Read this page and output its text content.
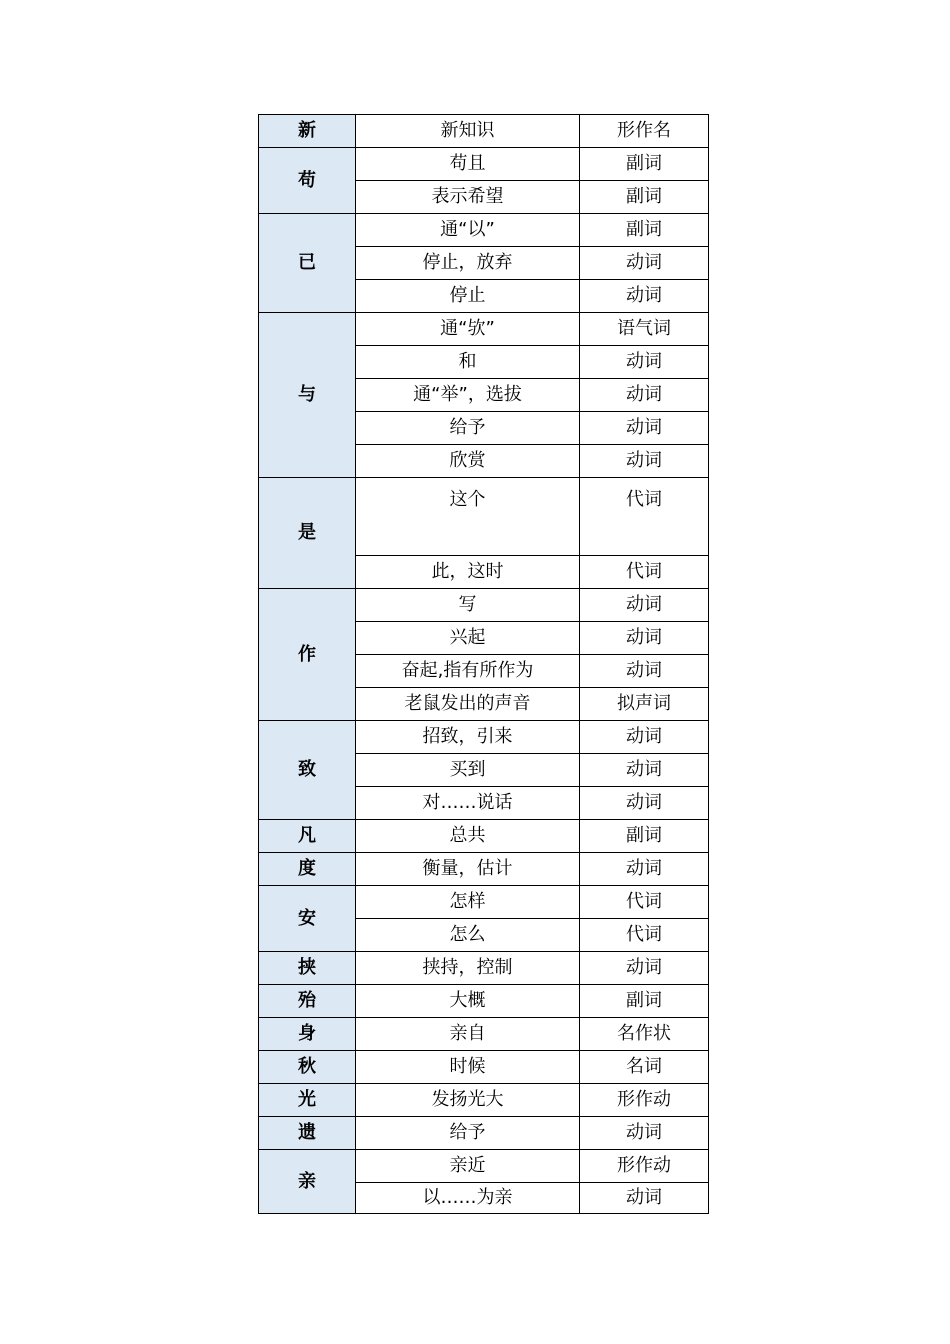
新	新知识	形作名
苟	苟且	副词
	表示希望	副词
已	通“以”	副词
	停止，放弃	动词
	停止	动词
与	通“欤”	语气词
	和	动词
	通“举”，选拔	动词
	给予	动词
	欣赏	动词
是	这个	代词
	此，这时	代词
作	写	动词
	兴起	动词
	奋起,指有所作为	动词
	老鼠发出的声音	拟声词
致	招致，引来	动词
	买到	动词
	对……说话	动词
凡	总共	副词
度	衡量，估计	动词
安	怎样	代词
	怎么	代词
挟	挟持，控制	动词
殆	大概	副词
身	亲自	名作状
秋	时候	名词
光	发扬光大	形作动
遗	给予	动词
亲	亲近	形作动
	以……为亲	动词
